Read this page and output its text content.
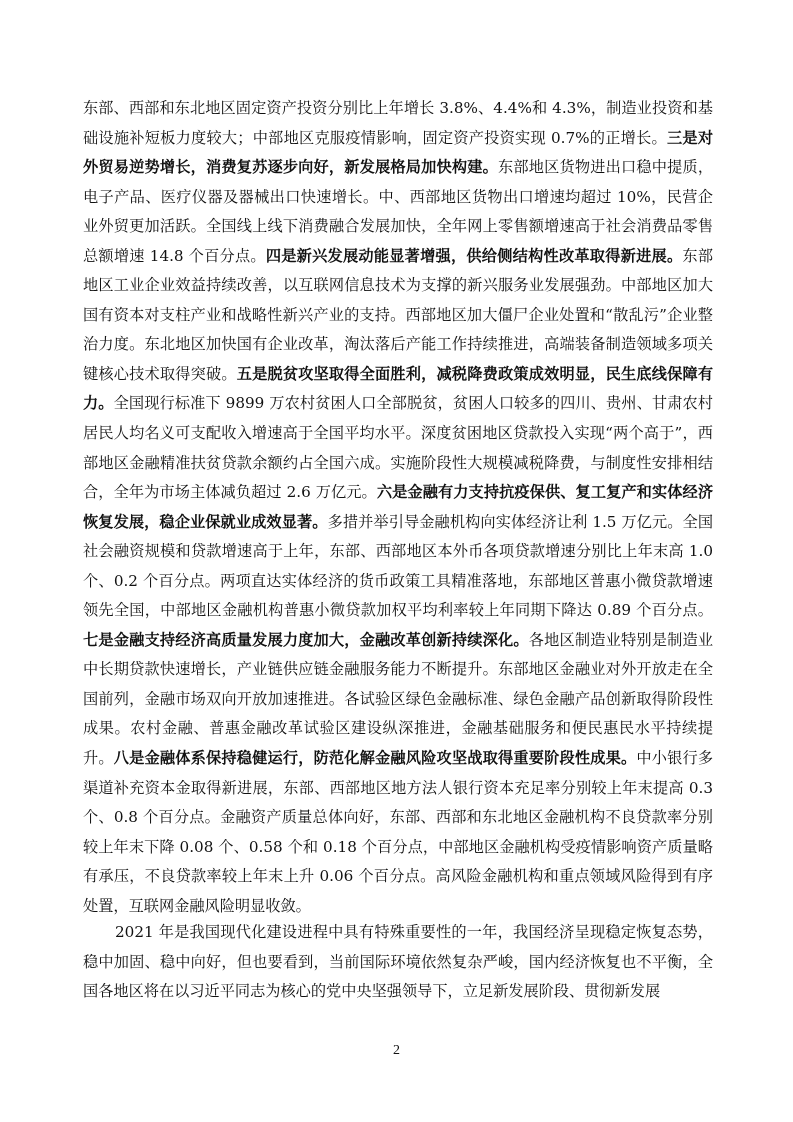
东部、西部和东北地区固定资产投资分别比上年增长 3.8%、4.4%和 4.3%，制造业投资和基础设施补短板力度较大；中部地区克服疫情影响，固定资产投资实现 0.7%的正增长。三是对外贸易逆势增长，消费复苏逐步向好，新发展格局加快构建。东部地区货物进出口稳中提质，电子产品、医疗仪器及器械出口快速增长。中、西部地区货物出口增速均超过 10%，民营企业外贸更加活跃。全国线上线下消费融合发展加快，全年网上零售额增速高于社会消费品零售总额增速 14.8 个百分点。四是新兴发展动能显著增强，供给侧结构性改革取得新进展。东部地区工业企业效益持续改善，以互联网信息技术为支撑的新兴服务业发展强劲。中部地区加大国有资本对支柱产业和战略性新兴产业的支持。西部地区加大僵尸企业处置和“散乱污”企业整治力度。东北地区加快国有企业改革，淘汰落后产能工作持续推进，高端装备制造领域多项关键核心技术取得突破。五是脱贫攻坚取得全面胜利，减税降费政策成效明显，民生底线保障有力。全国现行标准下 9899 万农村贫困人口全部脱贫，贫困人口较多的四川、贵州、甘肃农村居民人均名义可支配收入增速高于全国平均水平。深度贫困地区贷款投入实现“两个高于”，西部地区金融精准扶贫贷款余额约占全国六成。实施阶段性大规模减税降费，与制度性安排相结合，全年为市场主体减负超过 2.6 万亿元。六是金融有力支持抗疫保供、复工复产和实体经济恢复发展，稳企业保就业成效显著。多措并举引导金融机构向实体经济让利 1.5 万亿元。全国社会融资规模和贷款增速高于上年，东部、西部地区本外币各项贷款增速分别比上年末高 1.0 个、0.2 个百分点。两项直达实体经济的货币政策工具精准落地，东部地区普惠小微贷款增速领先全国，中部地区金融机构普惠小微贷款加权平均利率较上年同期下降达 0.89 个百分点。七是金融支持经济高质量发展力度加大，金融改革创新持续深化。各地区制造业特别是制造业中长期贷款快速增长，产业链供应链金融服务能力不断提升。东部地区金融业对外开放走在全国前列，金融市场双向开放加速推进。各试验区绿色金融标准、绿色金融产品创新取得阶段性成果。农村金融、普惠金融改革试验区建设纵深推进，金融基础服务和便民惠民水平持续提升。八是金融体系保持稳健运行，防范化解金融风险攻坚战取得重要阶段性成果。中小银行多渠道补充资本金取得新进展，东部、西部地区地方法人银行资本充足率分别较上年末提高 0.3 个、0.8 个百分点。金融资产质量总体向好，东部、西部和东北地区金融机构不良贷款率分别较上年末下降 0.08 个、0.58 个和 0.18 个百分点，中部地区金融机构受疫情影响资产质量略有承压，不良贷款率较上年末上升 0.06 个百分点。高风险金融机构和重点领域风险得到有序处置，互联网金融风险明显收敛。

2021 年是我国现代化建设进程中具有特殊重要性的一年，我国经济呈现稳定恢复态势，稳中加固、稳中向好，但也要看到，当前国际环境依然复杂严峻，国内经济恢复也不平衡，全国各地区将在以习近平同志为核心的党中央坚强领导下，立足新发展阶段、贯彻新发展

2
